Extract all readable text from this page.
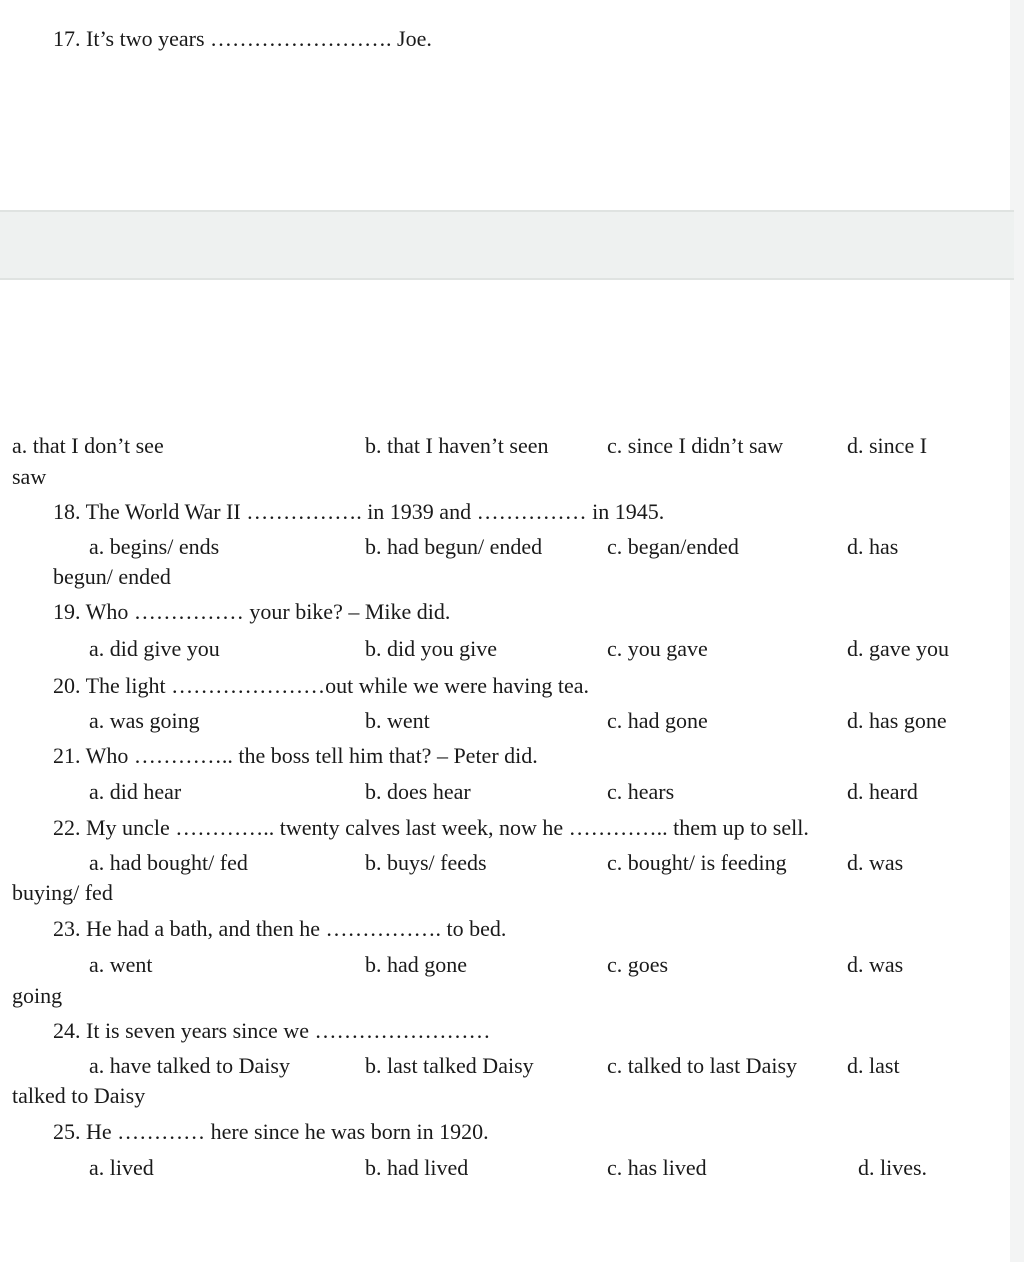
17. It’s two years ……………………. Joe.
a. that I don’t see	b. that I haven’t seen	c. since I didn’t saw	d. since I
saw
18. The World War II ……………. in 1939 and …………… in 1945.
a. begins/ ends	b. had begun/ ended	c. began/ended	d. has
begun/ ended
19. Who …………… your bike? – Mike did.
a. did give you	b. did you give	c. you gave	d. gave you
20. The light …………………out while we were having tea.
a. was going	b. went	c. had gone	d. has gone
21. Who ………….. the boss tell him that? – Peter did.
a. did hear	b. does hear	c. hears	d. heard
22. My uncle ………….. twenty calves last week, now he ………….. them up to sell.
a. had bought/ fed	b. buys/ feeds	c. bought/ is feeding	d. was
buying/ fed
23. He had a bath, and then he ……………. to bed.
a. went	b. had gone	c. goes	d. was
going
24. It is seven years since we ……………………
a. have talked to Daisy	b. last talked Daisy	c. talked to last Daisy d. last
talked to Daisy
25. He ………… here since he was born in 1920.
a. lived	b. had lived	c. has lived	d. lives.
